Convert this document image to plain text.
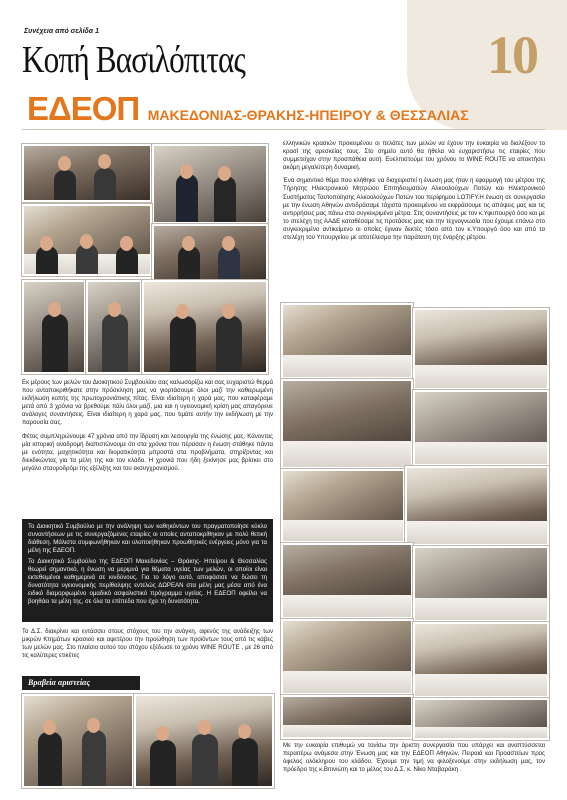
10
Συνέχεια από σελίδα 1
Κοπή Βασιλόπιτας
ΕΔΕΟΠ ΜΑΚΕΔΟΝΙΑΣ-ΘΡΑΚΗΣ-ΗΠΕΙΡΟΥ & ΘΕΣΣΑΛΙΑΣ

Εκ μέρους των μελών του Διοικητικού Συμβουλίου σας καλωσορίζω και σας ευχαριστώ θερμά που ανταποκριθήκατε στην πρόσκληση μας να γιορτάσουμε όλοι μαζί την καθιερωμένη εκδήλωση κοπής της πρωτοχρονιάτικης πίτας. Είναι ιδιαίτερη η χαρά μας, που καταφέραμε μετά από 3 χρόνια να βρεθούμε πάλι όλοι μαζί, μια και η υγειονομική κρίση μας απαγόρευε ανάλογες συναντήσεις. Είναι ιδιαίτερη η χαρά μας, που τιμάτε αυτήν την εκδήλωση με την παρουσία σας.

Φέτος συμπληρώνουμε 47 χρόνια από την ίδρυση και λειτουργία της ένωσης μας. Κάνοντας μία ιστορική αναδρομή διαπιστώνουμε ότι στα χρόνια που πέρασαν η ένωση στάθηκε πάντα με ενότητα, μαχητικότητα και διορατικότητα μπροστά στα προβλήματα, στηρίζοντας και διεκδικώντας για τα μέλη της και τον κλάδο. Η χρονιά που ήδη ξεκίνησε μας βρίσκει στο μεγάλο σταυροδρόμι της εξέλιξης και του εκσυγχρονισμού.

Το Διοικητικό Συμβούλιο με την ανάληψη των καθηκόντων του πραγματοποίησε κύκλο συναντήσεων με τις συνεργαζόμενες εταιρίες οι οποίες ανταποκρίθηκαν με πολύ θετική διάθεση. Μάλιστα συμφωνήθηκαν και υλοποιήθηκαν προωθητικές ενέργειες μόνο για τα μέλη της ΕΔΕΟΠ.

Το Διοικητικό Συμβούλιο της ΕΔΕΟΠ Μακεδονίας – Θράκης- Ηπείρου & Θεσσαλίας θεωρεί σημαντικό, η ένωση να μεριμνά για θέματα υγείας των μελών, οι οποίοι είναι εκτεθειμένοι καθημερινά σε κινδύνους. Για το λόγο αυτό, αποφάσισε να δώσει τη δυνατότητα υγειονομικής περίθαλψης εντελώς ΔΩΡΕΑΝ στα μέλη μας μέσα από ένα ειδικό διαμορφωμένο ομαδικό ασφαλιστικό πρόγραμμα υγείας. Η ΕΔΕΟΠ οφείλει να βοηθάει τα μέλη της, σε όλα τα επίπεδα που έχει τη δυνατότητα.

Το Δ.Σ. διακρίνει και εντάσσει στους στόχους του την ανάγκη, αφενός της ανάδειξης των μικρών Κτημάτων κρασιού και αφετέρου την προώθηση των προϊόντων τους από τις κάβες των μελών μας. Στο πλαίσιο αυτού του στόχου εξέδωσε το χρόνο WINE ROUTE , με 26 από τις καλύτερες ετικέτες

Βραβεία αριστείας

ελληνικών κρασιών προκειμένου οι πελάτες των μελών να έχουν την ευκαιρία να διαλέξουν το κρασί της αρεσκείας τους. Στο σημείο αυτό θα ήθελα να ευχαριστήσω τις εταιρίες που συμμετείχαν στην προσπάθεια αυτή. Ευελπιστούμε του χρόνου το WINE ROUTE να αποκτήσει ακόμη μεγαλύτερη δυναμική.

Ένα σημαντικό θέμα που κλήθηκε να διαχειριστεί η ένωση μας ήταν η εφαρμογή του μέτρου της Τήρησης Ηλεκτρονικού Μητρώου Επιτηδευματιών Αλκοολούχων Ποτών και Ηλεκτρονικού Συστήματος Ταυτοποίησης Αλκοολούχων Ποτών του περίφημου LOTIFY.Η ένωση σε συνεργασία με την ένωση Αθηνών αντιδράσαμε τάχιστα προκειμένου να εκφράσουμε τις απόψεις μας και τις αντιρρήσεις μας πάνω στα συγκεκριμένα μέτρα. Στις συναντήσεις με τον κ.Υφυπουργό όσο και με το στελέχη της ΑΑΔΕ καταθέσαμε τις προτάσεις μας και την τεχνογνωσία που έχουμε επάνω στο συγκεκριμένο αντικείμενο οι οποίες έγιναν δεκτές τόσο από τον κ.Υπουργό όσο και από τα στελέχη του Υπουργείου με αποτέλεσμα την παράταση της έναρξης μέτρου.

Με την ευκαιρία επιθυμώ να τονίσω την άριστη συνεργασία που υπάρχει και αναπτύσσεται περαιτέρω ανάμεσα στην Ένωση μας και την ΕΔΕΟΠ Αθηνών, Πειραιά και Προαστείων προς όφελος ολόκληρου του κλάδου. Έχουμε την τιμή να φιλοξενούμε στην εκδήλωση μας, τον πρόεδρο της κ.Βιτινιώτη και το μέλος του Δ.Σ. κ. Νίκο Νταβαράκη .
